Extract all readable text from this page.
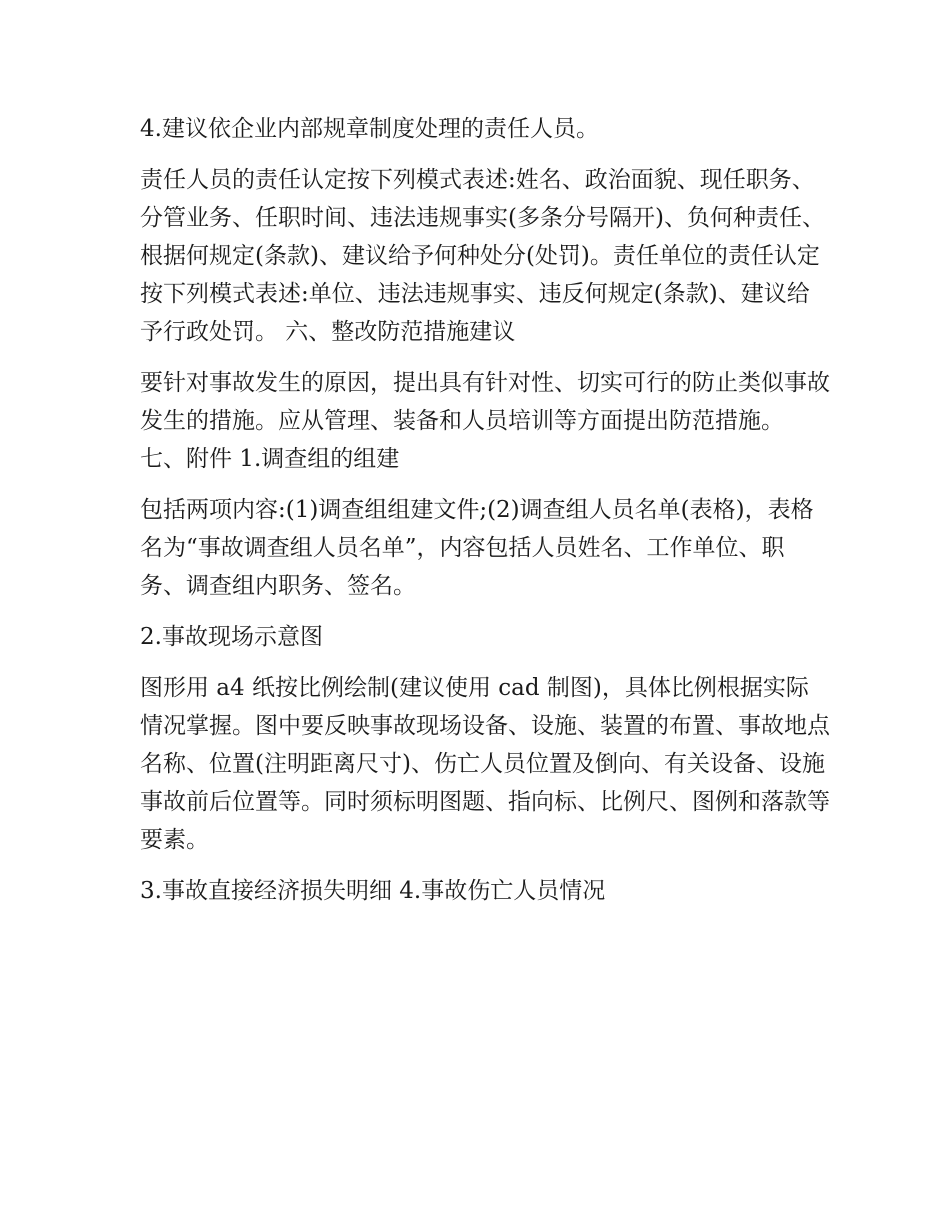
4.建议依企业内部规章制度处理的责任人员。

责任人员的责任认定按下列模式表述:姓名、政治面貌、现任职务、分管业务、任职时间、违法违规事实(多条分号隔开)、负何种责任、根据何规定(条款)、建议给予何种处分(处罚)。责任单位的责任认定按下列模式表述:单位、违法违规事实、违反何规定(条款)、建议给予行政处罚。 六、整改防范措施建议

要针对事故发生的原因，提出具有针对性、切实可行的防止类似事故发生的措施。应从管理、装备和人员培训等方面提出防范措施。 七、附件 1.调查组的组建

包括两项内容:(1)调查组组建文件;(2)调查组人员名单(表格)，表格名为“事故调查组人员名单”，内容包括人员姓名、工作单位、职务、调查组内职务、签名。

2.事故现场示意图

图形用 a4 纸按比例绘制(建议使用 cad 制图)，具体比例根据实际情况掌握。图中要反映事故现场设备、设施、装置的布置、事故地点名称、位置(注明距离尺寸)、伤亡人员位置及倒向、有关设备、设施事故前后位置等。同时须标明图题、指向标、比例尺、图例和落款等要素。

3.事故直接经济损失明细 4.事故伤亡人员情况
